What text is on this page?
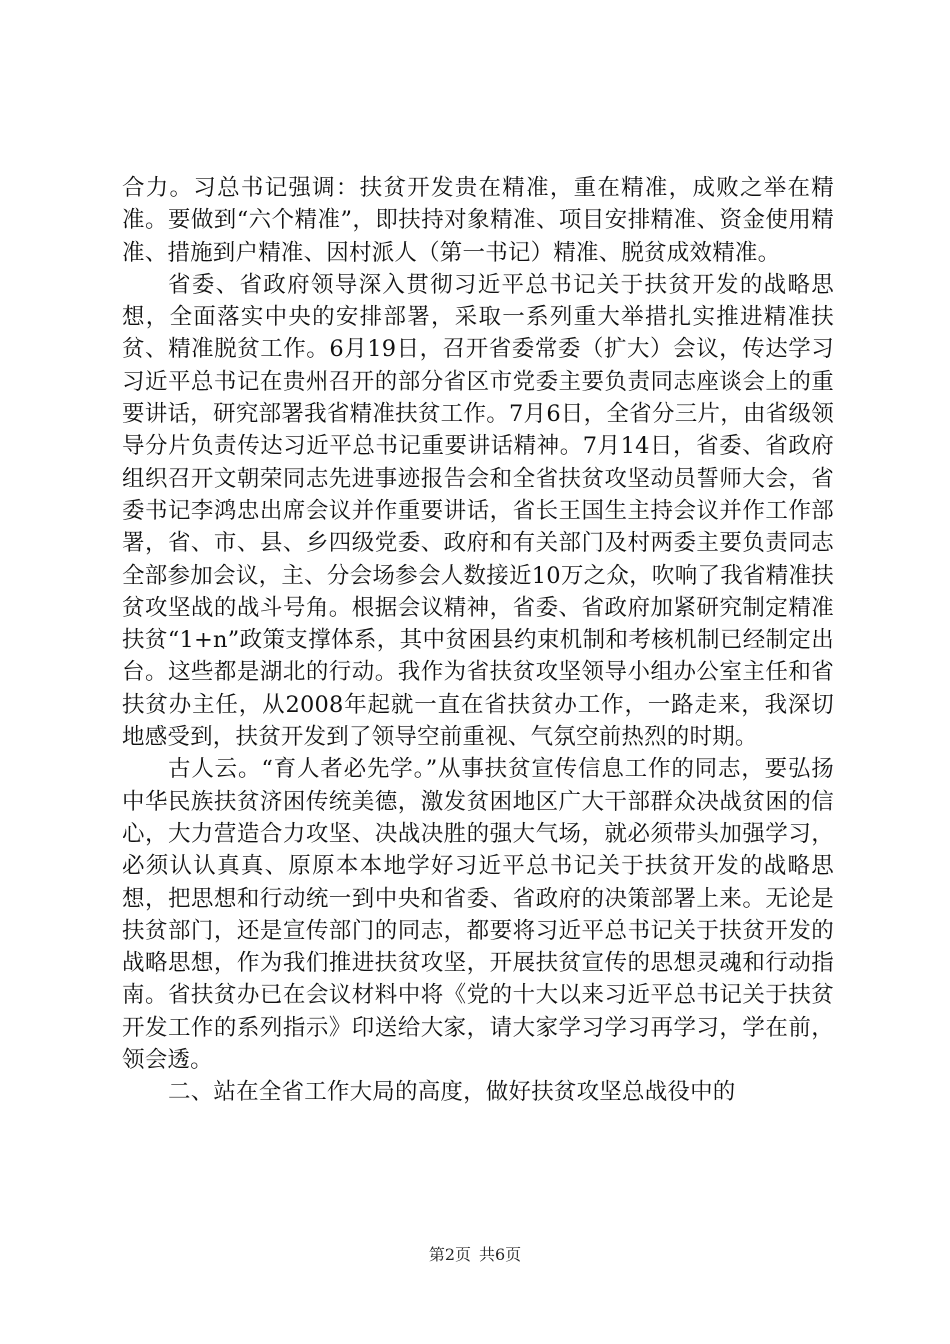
合力。习总书记强调：扶贫开发贵在精准，重在精准，成败之举在精准。要做到“六个精准”，即扶持对象精准、项目安排精准、资金使用精准、措施到户精准、因村派人（第一书记）精准、脱贫成效精准。

省委、省政府领导深入贯彻习近平总书记关于扶贫开发的战略思想，全面落实中央的安排部署，采取一系列重大举措扎实推进精准扶贫、精准脱贫工作。6月19日，召开省委常委（扩大）会议，传达学习习近平总书记在贵州召开的部分省区市党委主要负责同志座谈会上的重要讲话，研究部署我省精准扶贫工作。7月6日，全省分三片，由省级领导分片负责传达习近平总书记重要讲话精神。7月14日，省委、省政府组织召开文朝荣同志先进事迹报告会和全省扶贫攻坚动员誓师大会，省委书记李鸿忠出席会议并作重要讲话，省长王国生主持会议并作工作部署，省、市、县、乡四级党委、政府和有关部门及村两委主要负责同志全部参加会议，主、分会场参会人数接近10万之众，吹响了我省精准扶贫攻坚战的战斗号角。根据会议精神，省委、省政府加紧研究制定精准扶贫“1+n”政策支撑体系，其中贫困县约束机制和考核机制已经制定出台。这些都是湖北的行动。我作为省扶贫攻坚领导小组办公室主任和省扶贫办主任，从2008年起就一直在省扶贫办工作，一路走来，我深切地感受到，扶贫开发到了领导空前重视、气氛空前热烈的时期。

古人云。“育人者必先学。”从事扶贫宣传信息工作的同志，要弘扬中华民族扶贫济困传统美德，激发贫困地区广大干部群众决战贫困的信心，大力营造合力攻坚、决战决胜的强大气场，就必须带头加强学习，必须认认真真、原原本本地学好习近平总书记关于扶贫开发的战略思想，把思想和行动统一到中央和省委、省政府的决策部署上来。无论是扶贫部门，还是宣传部门的同志，都要将习近平总书记关于扶贫开发的战略思想，作为我们推进扶贫攻坚，开展扶贫宣传的思想灵魂和行动指南。省扶贫办已在会议材料中将《党的十大以来习近平总书记关于扶贫开发工作的系列指示》印送给大家，请大家学习学习再学习，学在前，领会透。

二、站在全省工作大局的高度，做好扶贫攻坚总战役中的

第2页 共6页
